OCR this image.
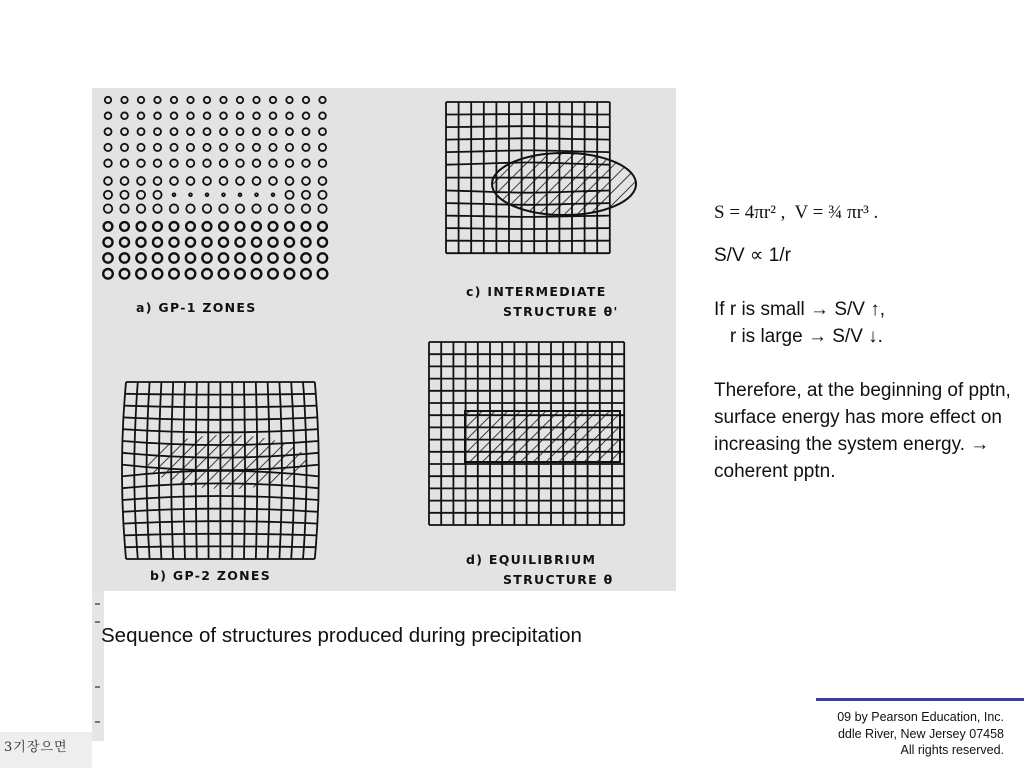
a) GP-1 ZONES
c) INTERMEDIATE
STRUCTURE θ'
b) GP-2 ZONES
d) EQUILIBRIUM
STRUCTURE θ
3기장으면
Sequence of structures produced during precipitation
S = 4πr² ,  V = ¾ πr³ .
S/V ∝ 1/r
If r is small → S/V ↑,
r is large → S/V ↓.
Therefore, at the beginning of pptn, surface energy has more effect on increasing the system energy. → coherent pptn.
09 by Pearson Education, Inc.
ddle River, New Jersey 07458
All rights reserved.
